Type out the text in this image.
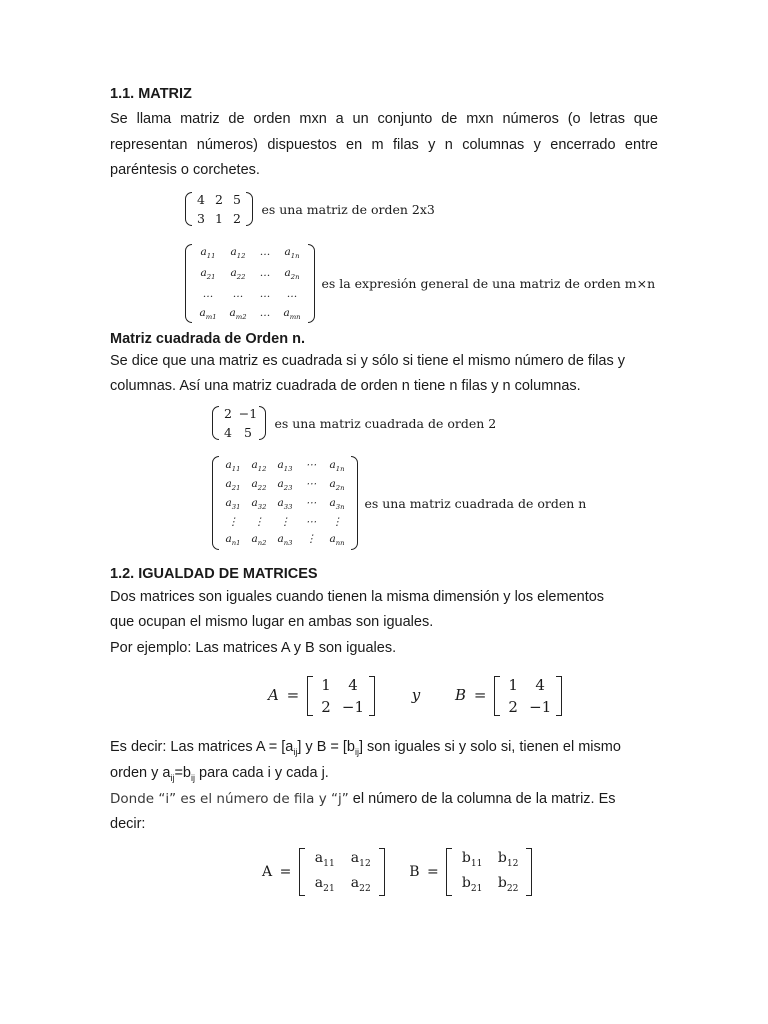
1.1. MATRIZ

Se llama matriz de orden mxn a un conjunto de mxn números (o letras que representan números) dispuestos en m filas y n columnas y encerrado entre paréntesis o corchetes.

4 2 5
3 1 2
es una matriz de orden 2x3
$a_{11}$	$a_{12}$	…	$a_{1n}$
$a_{21}$	$a_{22}$	…	$a_{2n}$
…	…	…	…
$a_{m1}$	$a_{m2}$	…	$a_{mn}$
es la expresión general de una matriz de orden m×n

Matriz cuadrada de Orden n.

Se dice que una matriz es cuadrada si y sólo si tiene el mismo número de filas y

columnas. Así una matriz cuadrada de orden n tiene n filas y n columnas.

2 −1
4 5
es una matriz cuadrada de orden 2
$a_{11}$	$a_{12}$	$a_{13}$	⋯	$a_{1n}$
$a_{21}$	$a_{22}$	$a_{23}$	⋯	$a_{2n}$
$a_{31}$	$a_{32}$	$a_{33}$	⋯	$a_{3n}$
⋮	⋮	⋮	⋯	⋮
$a_{n1}$	$a_{n2}$	$a_{n3}$	⋮	$a_{nn}$
es una matriz cuadrada de orden n

1.2. IGUALDAD DE MATRICES

Dos matrices son iguales cuando tienen la misma dimensión y los elementos

que ocupan el mismo lugar en ambas son iguales.

Por ejemplo: Las matrices A y B son iguales.

A =
1	4
2 −1
y B =
1	4
2 −1

Es decir: Las matrices $A = [a_{ij}]$ y $B = [b_{ij}]$ son iguales si y solo si, tienen el mismo

orden y $a_{ij}=b_{ij}$ para cada i y cada j.

Donde “i” es el número de fila y “j” el número de la columna de la matriz. Es

decir:

A =
$a_{11}$	$a_{12}$
$a_{21}$	$a_{22}$
B =
$b_{11}$	$b_{12}$
$b_{21}$	$b_{22}$
